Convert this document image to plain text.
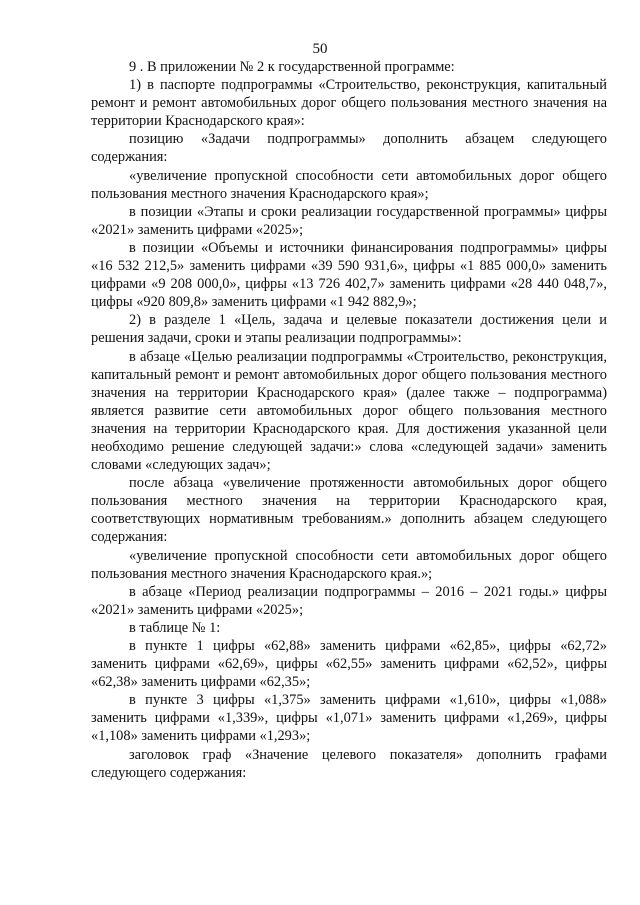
50

9 . В приложении № 2 к государственной программе:

1) в паспорте подпрограммы «Строительство, реконструкция, капитальный ремонт и ремонт автомобильных дорог общего пользования местного значения на территории Краснодарского края»:

позицию «Задачи подпрограммы» дополнить абзацем следующего содержания:

«увеличение пропускной способности сети автомобильных дорог общего пользования местного значения Краснодарского края»;

в позиции «Этапы и сроки реализации государственной программы» цифры «2021» заменить цифрами «2025»;

в позиции «Объемы и источники финансирования подпрограммы» цифры «16 532 212,5» заменить цифрами «39 590 931,6», цифры «1 885 000,0» заменить цифрами «9 208 000,0», цифры «13 726 402,7» заменить цифрами «28 440 048,7», цифры «920 809,8» заменить цифрами «1 942 882,9»;

2) в разделе 1 «Цель, задача и целевые показатели достижения цели и решения задачи, сроки и этапы реализации подпрограммы»:

в абзаце «Целью реализации подпрограммы «Строительство, реконструкция, капитальный ремонт и ремонт автомобильных дорог общего пользования местного значения на территории Краснодарского края» (далее также – подпрограмма) является развитие сети автомобильных дорог общего пользования местного значения на территории Краснодарского края. Для достижения указанной цели необходимо решение следующей задачи:» слова «следующей задачи» заменить словами «следующих задач»;

после абзаца «увеличение протяженности автомобильных дорог общего пользования местного значения на территории Краснодарского края, соответствующих нормативным требованиям.» дополнить абзацем следующего содержания:

«увеличение пропускной способности сети автомобильных дорог общего пользования местного значения Краснодарского края.»;

в абзаце «Период реализации подпрограммы – 2016 – 2021 годы.» цифры «2021» заменить цифрами «2025»;

в таблице № 1:

в пункте 1 цифры «62,88» заменить цифрами «62,85», цифры «62,72» заменить цифрами «62,69», цифры «62,55» заменить цифрами «62,52», цифры «62,38» заменить цифрами «62,35»;

в пункте 3 цифры «1,375» заменить цифрами «1,610», цифры «1,088» заменить цифрами «1,339», цифры «1,071» заменить цифрами «1,269», цифры «1,108» заменить цифрами «1,293»;

заголовок граф «Значение целевого показателя» дополнить графами следующего содержания:
